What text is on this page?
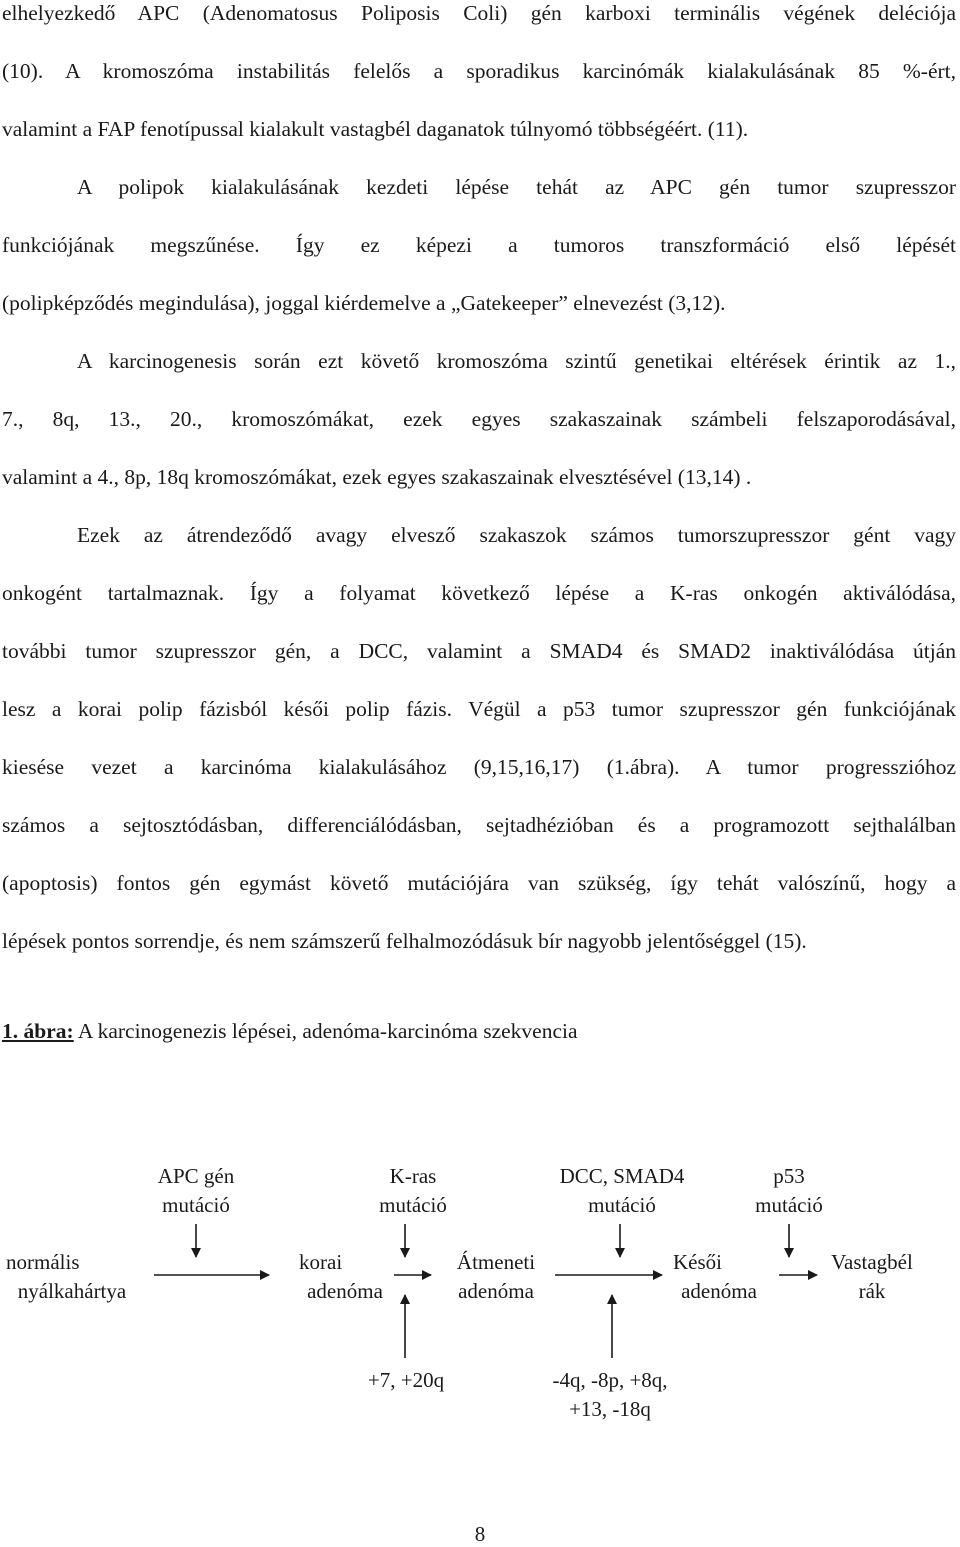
elhelyezkedő APC (Adenomatosus Poliposis Coli) gén karboxi terminális végének deléciója

(10). A kromoszóma instabilitás felelős a sporadikus karcinómák kialakulásának 85 %-ért,

valamint a FAP fenotípussal kialakult vastagbél daganatok túlnyomó többségéért. (11).

A polipok kialakulásának kezdeti lépése tehát az APC gén tumor szupresszor

funkciójának megszűnése. Így ez képezi a tumoros transzformáció első lépését

(polipképződés megindulása), joggal kiérdemelve a „Gatekeeper” elnevezést (3,12).

A karcinogenesis során ezt követő kromoszóma szintű genetikai eltérések érintik az 1.,

7., 8q, 13., 20., kromoszómákat, ezek egyes szakaszainak számbeli felszaporodásával,

valamint a 4., 8p, 18q kromoszómákat, ezek egyes szakaszainak elvesztésével (13,14) .

Ezek az átrendeződő avagy elvesző szakaszok számos tumorszupresszor gént vagy

onkogént tartalmaznak. Így a folyamat következő lépése a K-ras onkogén aktiválódása,

további tumor szupresszor gén, a DCC, valamint a SMAD4 és SMAD2 inaktiválódása útján

lesz a korai polip fázisból késői polip fázis. Végül a p53 tumor szupresszor gén funkciójának

kiesése vezet a karcinóma kialakulásához (9,15,16,17) (1.ábra). A tumor progresszióhoz

számos a sejtosztódásban, differenciálódásban, sejtadhézióban és a programozott sejthalálban

(apoptosis) fontos gén egymást követő mutációjára van szükség, így tehát valószínű, hogy a

lépések pontos sorrendje, és nem számszerű felhalmozódásuk bír nagyobb jelentőséggel (15).

1. ábra: A karcinogenezis lépései, adenóma-karcinóma szekvencia

APC gén
mutáció
K-ras
mutáció
DCC, SMAD4
mutáció
p53
mutáció
normális
nyálkahártya
korai
adenóma
Átmeneti
adenóma
Késői
adenóma
Vastagbél
rák
+7, +20q	-4q, -8p, +8q,
+13, -18q
8
